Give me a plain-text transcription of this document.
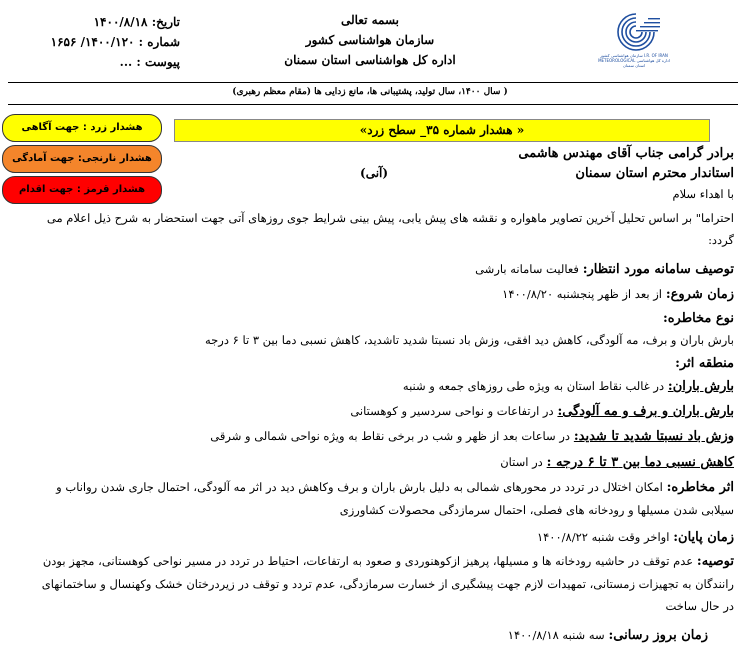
سازمان هواشناسی کشور I.R. OF IRAN METEOROLOGICAL اداره کل هواشناسی استان سمنان
بسمه تعالی
سازمان هواشناسی کشور
اداره کل هواشناسی استان سمنان
تاریخ: ۱۴۰۰/۸/۱۸
شماره : ۱۴۰۰/۱۲۰/ ۱۶۵۶
پیوست : ...
( سال ۱۴۰۰، سال تولید، پشتیبانی ها، مانع زدایی ها (مقام معظم رهبری)
« هشدار شماره ۳۵_ سطح زرد»
هشدار زرد : جهت آگاهی
هشدار نارنجی: جهت آمادگی
هشدار قرمز : جهت اقدام
برادر گرامی جناب آقای مهندس هاشمی
استاندار محترم استان سمنان
(آنی)
با اهداء سلام
احتراما" بر اساس تحلیل آخرین تصاویر ماهواره و نقشه های پیش یابی، پیش بینی شرایط جوی روزهای آتی جهت استحضار به شرح ذیل اعلام می گردد:
توصیف سامانه مورد انتظار: فعالیت سامانه بارشی
زمان شروع: از بعد از ظهر پنجشنبه ۱۴۰۰/۸/۲۰
نوع مخاطره:
بارش باران و برف، مه آلودگی، کاهش دید افقی، وزش باد نسبتا شدید تاشدید، کاهش نسبی دما بین ۳ تا ۶ درجه
منطقه اثر:
بارش باران: در غالب نقاط استان به ویژه طی روزهای جمعه و شنبه
بارش باران و برف و مه آلودگی: در ارتفاعات و نواحی سردسیر و کوهستانی
وزش باد نسبتا شدید تا شدید: در ساعات بعد از ظهر و شب در برخی نقاط به ویژه نواحی شمالی و شرقی
کاهش نسبی دما بین ۳ تا ۶ درجه : در استان
اثر مخاطره: امکان اختلال در تردد در محورهای شمالی به دلیل بارش باران و برف وکاهش دید در اثر مه آلودگی، احتمال جاری شدن رواناب و سیلابی شدن مسیلها و رودخانه های فصلی، احتمال سرمازدگی محصولات کشاورزی
زمان پایان: اواخر وقت شنبه ۱۴۰۰/۸/۲۲
توصیه: عدم توقف در حاشیه رودخانه ها و مسیلها، پرهیز ازکوهنوردی و صعود به ارتفاعات، احتیاط در تردد در مسیر نواحی کوهستانی، مجهز بودن رانندگان به تجهیزات زمستانی، تمهیدات لازم جهت پیشگیری از خسارت سرمازدگی، عدم تردد و توقف در زیردرختان خشک وکهنسال و ساختمانهای در حال ساخت
زمان بروز رسانی: سه شنبه ۱۴۰۰/۸/۱۸
